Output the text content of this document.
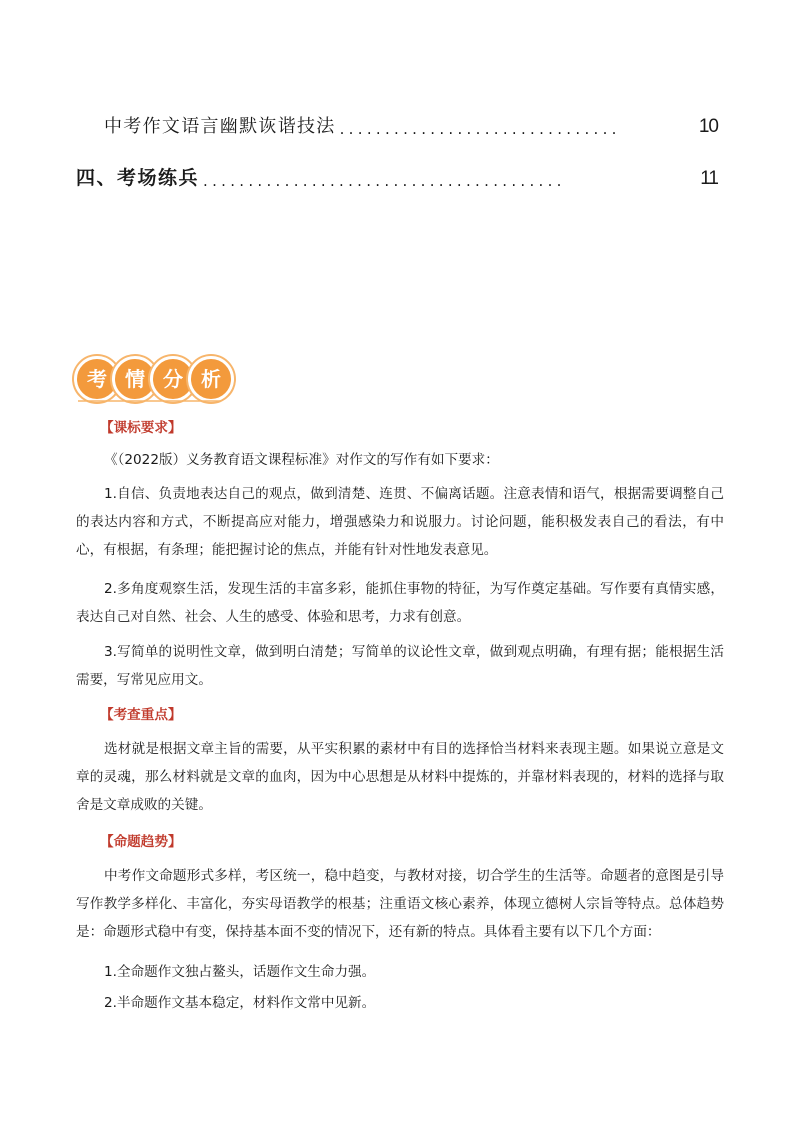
中考作文语言幽默诙谐技法 ...............................	10
四、考场练兵 ........................................	11
考 情 分 析
【课标要求】
《（2022版）义务教育语文课程标准》对作文的写作有如下要求：
1.自信、负责地表达自己的观点，做到清楚、连贯、不偏离话题。注意表情和语气，根据需要调整自己的表达内容和方式，不断提高应对能力，增强感染力和说服力。讨论问题，能积极发表自己的看法，有中心，有根据，有条理；能把握讨论的焦点，并能有针对性地发表意见。
2.多角度观察生活，发现生活的丰富多彩，能抓住事物的特征，为写作奠定基础。写作要有真情实感，表达自己对自然、社会、人生的感受、体验和思考，力求有创意。
3.写简单的说明性文章，做到明白清楚；写简单的议论性文章，做到观点明确，有理有据；能根据生活需要，写常见应用文。
【考查重点】
选材就是根据文章主旨的需要，从平实积累的素材中有目的选择恰当材料来表现主题。如果说立意是文章的灵魂，那么材料就是文章的血肉，因为中心思想是从材料中提炼的，并靠材料表现的，材料的选择与取舍是文章成败的关键。
【命题趋势】
中考作文命题形式多样，考区统一，稳中趋变，与教材对接，切合学生的生活等。命题者的意图是引导写作教学多样化、丰富化，夯实母语教学的根基；注重语文核心素养，体现立德树人宗旨等特点。总体趋势是：命题形式稳中有变，保持基本面不变的情况下，还有新的特点。具体看主要有以下几个方面：
1.全命题作文独占鳌头，话题作文生命力强。
2.半命题作文基本稳定，材料作文常中见新。
